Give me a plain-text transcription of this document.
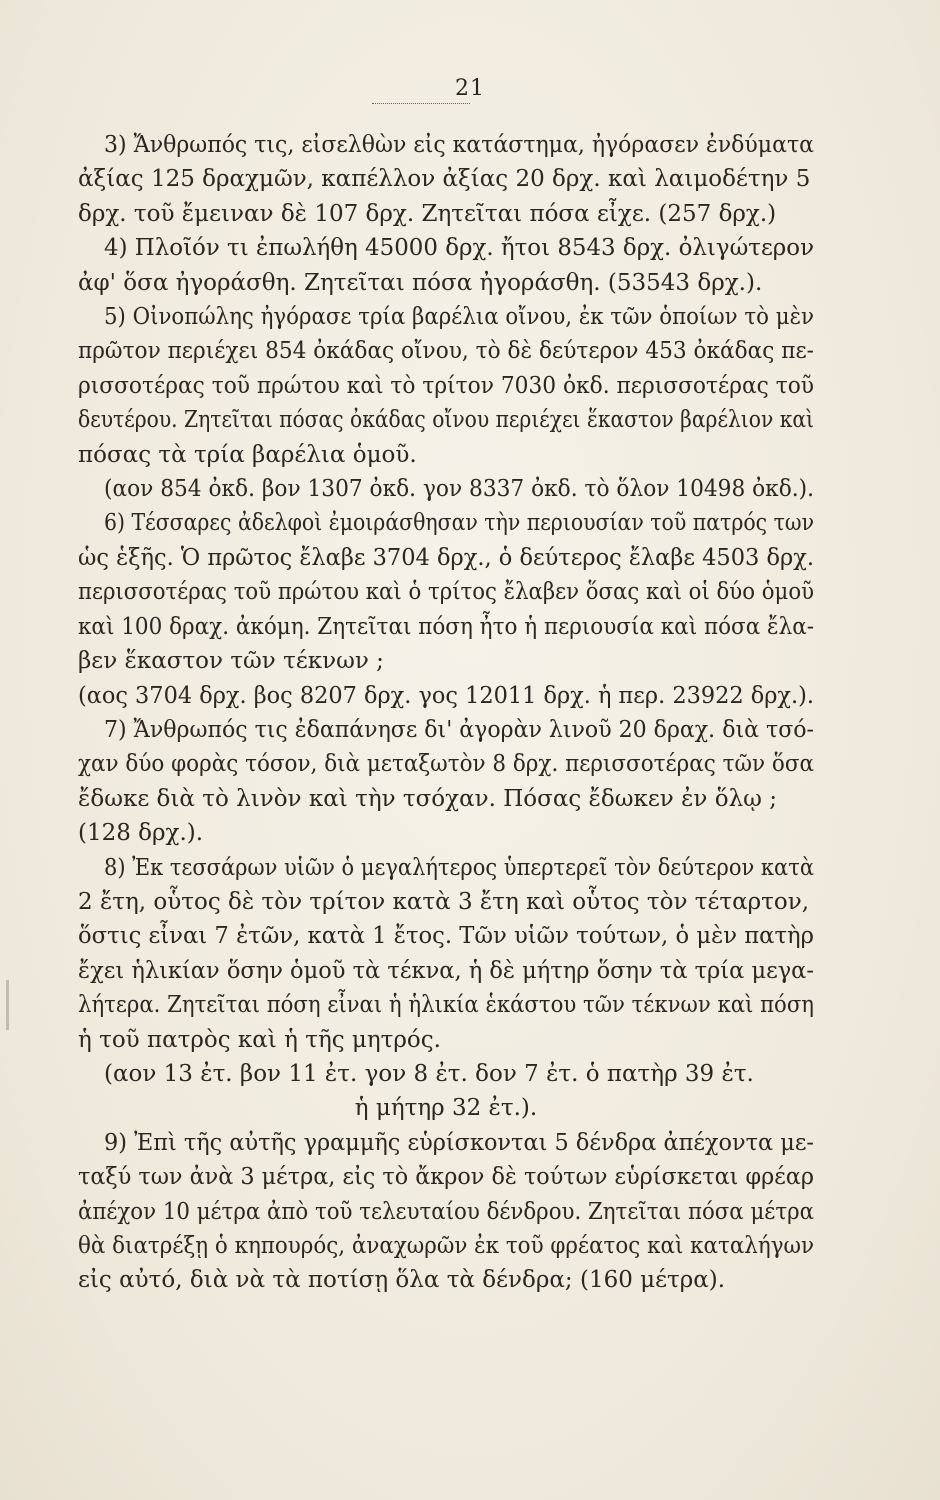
21
3) Ἄνθρωπός τις, εἰσελθὼν εἰς κατάστημα, ἠγόρασεν ἐνδύματα
ἀξίας 125 δραχμῶν, καπέλλον ἀξίας 20 δρχ. καὶ λαιμοδέτην 5
δρχ. τοῦ ἔμειναν δὲ 107 δρχ. Ζητεῖται πόσα εἶχε. (257 δρχ.)
4) Πλοῖόν τι ἐπωλήθη 45000 δρχ. ἤτοι 8543 δρχ. ὀλιγώτερον
ἀφ' ὅσα ἠγοράσθη. Ζητεῖται πόσα ἠγοράσθη. (53543 δρχ.).
5) Οἰνοπώλης ἠγόρασε τρία βαρέλια οἴνου, ἐκ τῶν ὁποίων τὸ μὲν
πρῶτον περιέχει 854 ὀκάδας οἴνου, τὸ δὲ δεύτερον 453 ὀκάδας πε-
ρισσοτέρας τοῦ πρώτου καὶ τὸ τρίτον 7030 ὀκδ. περισσοτέρας τοῦ
δευτέρου. Ζητεῖται πόσας ὀκάδας οἴνου περιέχει ἕκαστον βαρέλιον καὶ
πόσας τὰ τρία βαρέλια ὁμοῦ.
(αον 854 ὀκδ. βον 1307 ὀκδ. γον 8337 ὀκδ. τὸ ὅλον 10498 ὀκδ.).
6) Τέσσαρες ἀδελφοὶ ἐμοιράσθησαν τὴν περιουσίαν τοῦ πατρός των
ὡς ἑξῆς. Ὁ πρῶτος ἔλαβε 3704 δρχ., ὁ δεύτερος ἔλαβε 4503 δρχ.
περισσοτέρας τοῦ πρώτου καὶ ὁ τρίτος ἔλαβεν ὅσας καὶ οἱ δύο ὁμοῦ
καὶ 100 δραχ. ἀκόμη. Ζητεῖται πόση ἦτο ἡ περιουσία καὶ πόσα ἔλα-
βεν ἕκαστον τῶν τέκνων ;
(αος 3704 δρχ. βος 8207 δρχ. γος 12011 δρχ. ἡ περ. 23922 δρχ.).
7) Ἄνθρωπός τις ἐδαπάνησε δι' ἀγορὰν λινοῦ 20 δραχ. διὰ τσό-
χαν δύο φορὰς τόσον, διὰ μεταξωτὸν 8 δρχ. περισσοτέρας τῶν ὅσα
ἔδωκε διὰ τὸ λινὸν καὶ τὴν τσόχαν. Πόσας ἔδωκεν ἐν ὅλῳ ;
(128 δρχ.).
8) Ἐκ τεσσάρων υἱῶν ὁ μεγαλήτερος ὑπερτερεῖ τὸν δεύτερον κατὰ
2 ἔτη, οὗτος δὲ τὸν τρίτον κατὰ 3 ἔτη καὶ οὗτος τὸν τέταρτον,
ὅστις εἶναι 7 ἐτῶν, κατὰ 1 ἔτος. Τῶν υἱῶν τούτων, ὁ μὲν πατὴρ
ἔχει ἡλικίαν ὅσην ὁμοῦ τὰ τέκνα, ἡ δὲ μήτηρ ὅσην τὰ τρία μεγα-
λήτερα. Ζητεῖται πόση εἶναι ἡ ἡλικία ἑκάστου τῶν τέκνων καὶ πόση
ἡ τοῦ πατρὸς καὶ ἡ τῆς μητρός.
(αον 13 ἐτ. βον 11 ἐτ. γον 8 ἐτ. δον 7 ἐτ. ὁ πατὴρ 39 ἐτ.
ἡ μήτηρ 32 ἐτ.).
9) Ἐπὶ τῆς αὐτῆς γραμμῆς εὑρίσκονται 5 δένδρα ἀπέχοντα με-
ταξύ των ἀνὰ 3 μέτρα, εἰς τὸ ἄκρον δὲ τούτων εὑρίσκεται φρέαρ
ἀπέχον 10 μέτρα ἀπὸ τοῦ τελευταίου δένδρου. Ζητεῖται πόσα μέτρα
θὰ διατρέξῃ ὁ κηπουρός, ἀναχωρῶν ἐκ τοῦ φρέατος καὶ καταλήγων
εἰς αὐτό, διὰ νὰ τὰ ποτίσῃ ὅλα τὰ δένδρα; (160 μέτρα).
